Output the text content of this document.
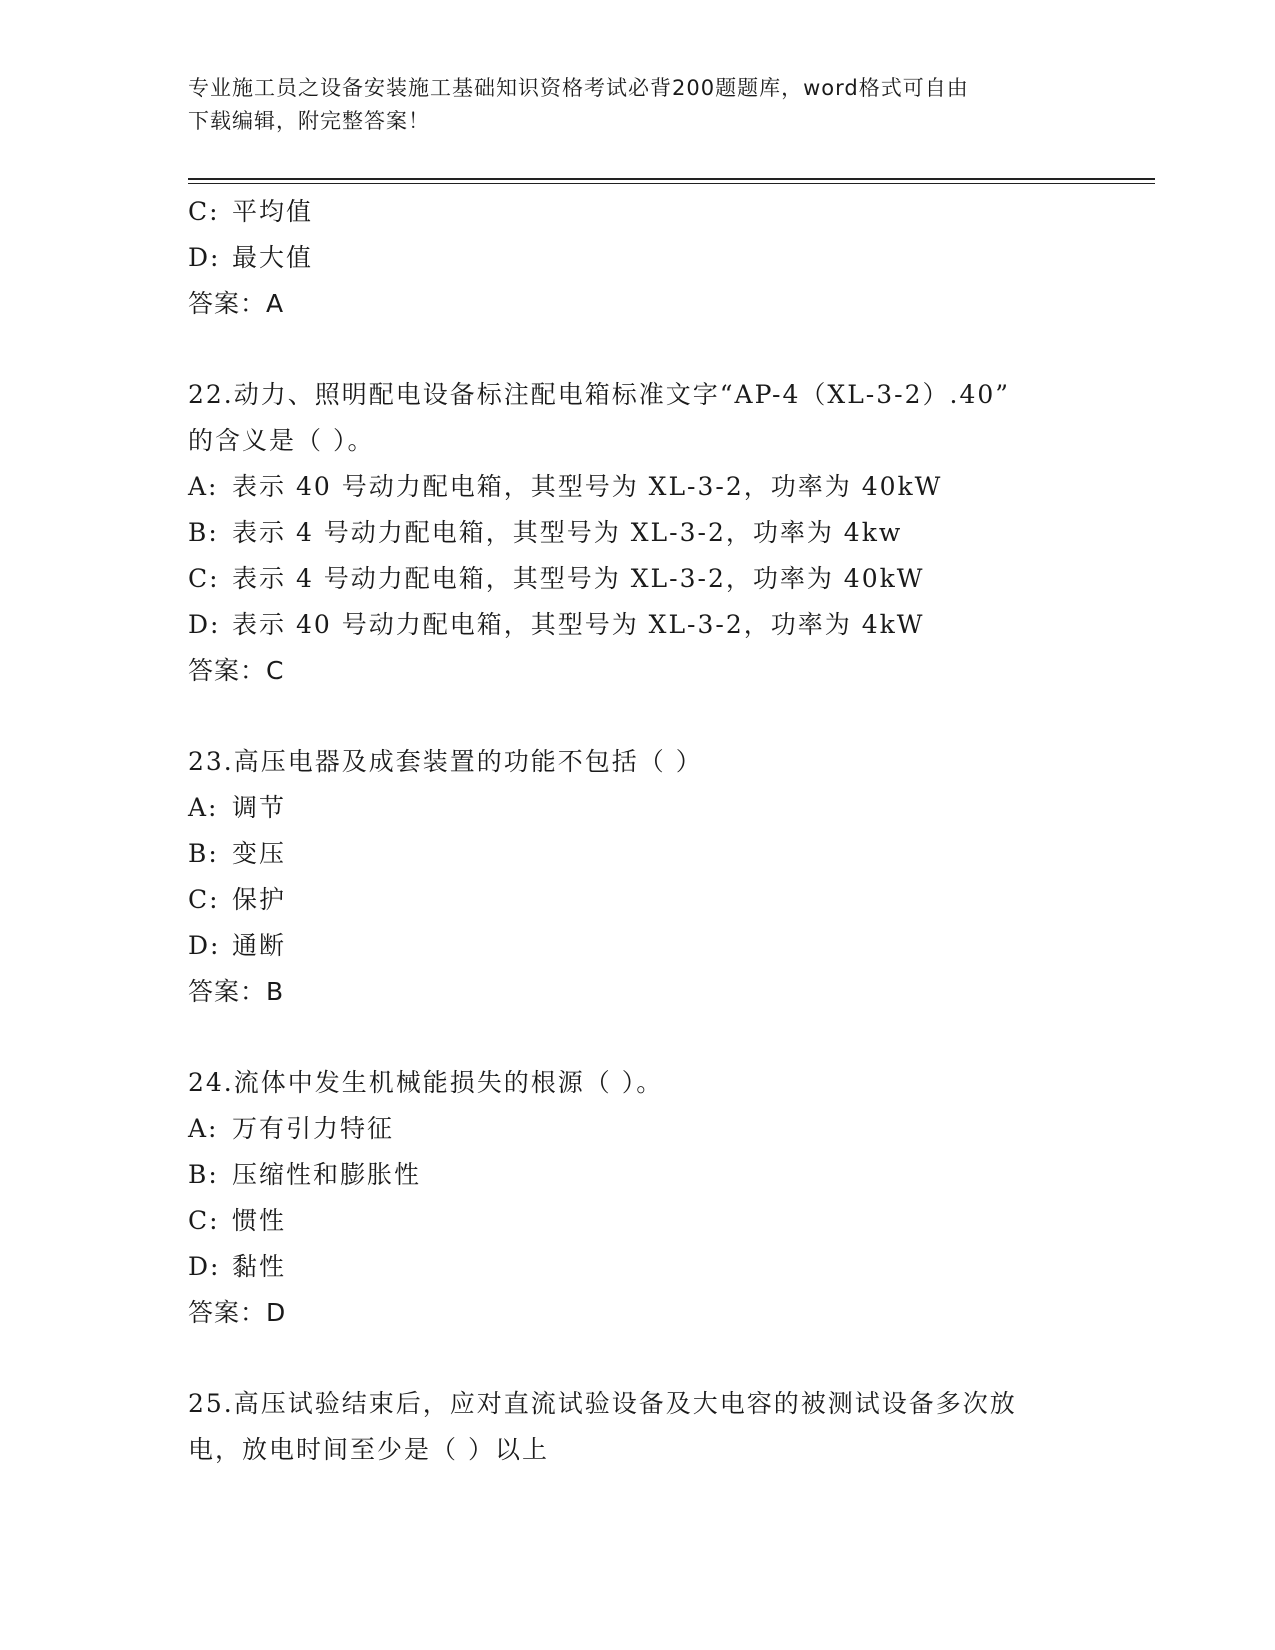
专业施工员之设备安装施工基础知识资格考试必背200题题库，word格式可自由
下载编辑，附完整答案！
C: 平均值
D: 最大值
答案：A
22.动力、照明配电设备标注配电箱标准文字“AP-4（XL-3-2）.40”
的含义是（ ）。
A: 表示 40 号动力配电箱，其型号为 XL-3-2，功率为 40kW
B: 表示 4 号动力配电箱，其型号为 XL-3-2，功率为 4kw
C: 表示 4 号动力配电箱，其型号为 XL-3-2，功率为 40kW
D: 表示 40 号动力配电箱，其型号为 XL-3-2，功率为 4kW
答案：C
23.高压电器及成套装置的功能不包括（ ）
A: 调节
B: 变压
C: 保护
D: 通断
答案：B
24.流体中发生机械能损失的根源（ ）。
A: 万有引力特征
B: 压缩性和膨胀性
C: 惯性
D: 黏性
答案：D
25.高压试验结束后，应对直流试验设备及大电容的被测试设备多次放
电，放电时间至少是（ ）以上
